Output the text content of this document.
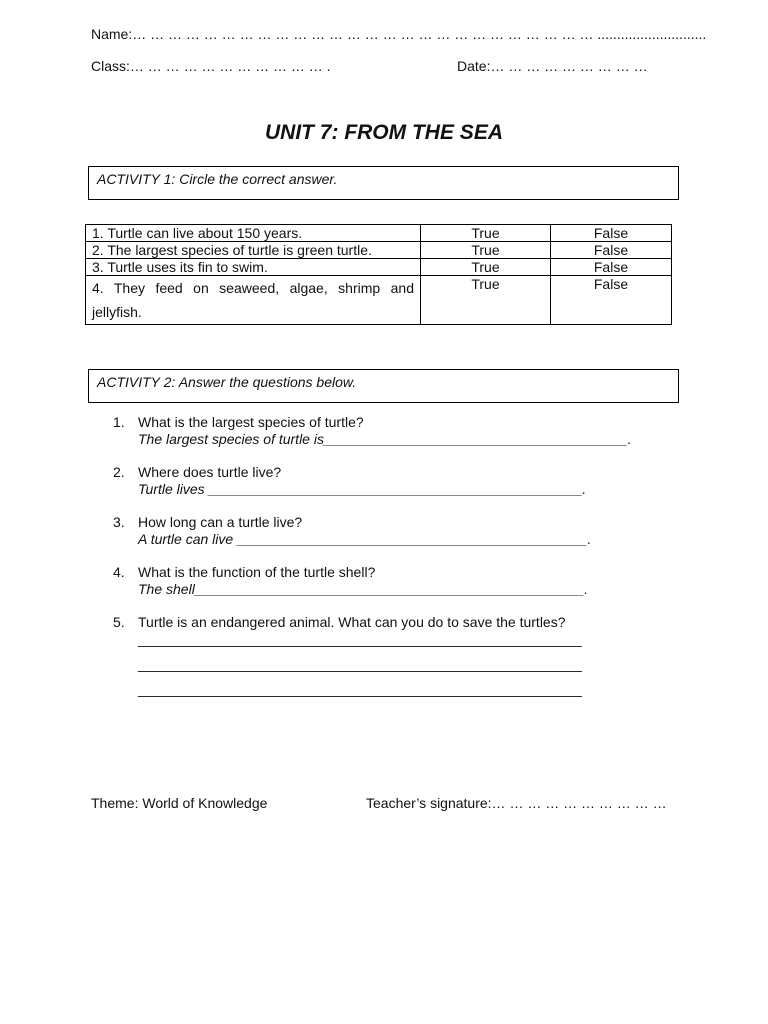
Name:… … … … … … … … … … … … … … … … … … … … … … … … … … ............................
Class:… … … … … … … … … … … .	Date:… … … … … … … … …
UNIT 7: FROM THE SEA
ACTIVITY 1: Circle the correct answer.
1. Turtle can live about 150 years.	True	False
2. The largest species of turtle is green turtle.	True	False
3. Turtle uses its fin to swim.	True	False
4. They feed on seaweed, algae, shrimp and jellyfish.	True	False
ACTIVITY 2: Answer the questions below.
1. What is the largest species of turtle?
The largest species of turtle is_______________________________________.
2. Where does turtle live?
Turtle lives ________________________________________________.
3. How long can a turtle live?
A turtle can live _____________________________________________.
4. What is the function of the turtle shell?
The shell__________________________________________________.
5. Turtle is an endangered animal. What can you do to save the turtles?
_________________________________________________________
_________________________________________________________
_________________________________________________________
Theme: World of Knowledge	Teacher’s signature:… … … … … … … … … …
